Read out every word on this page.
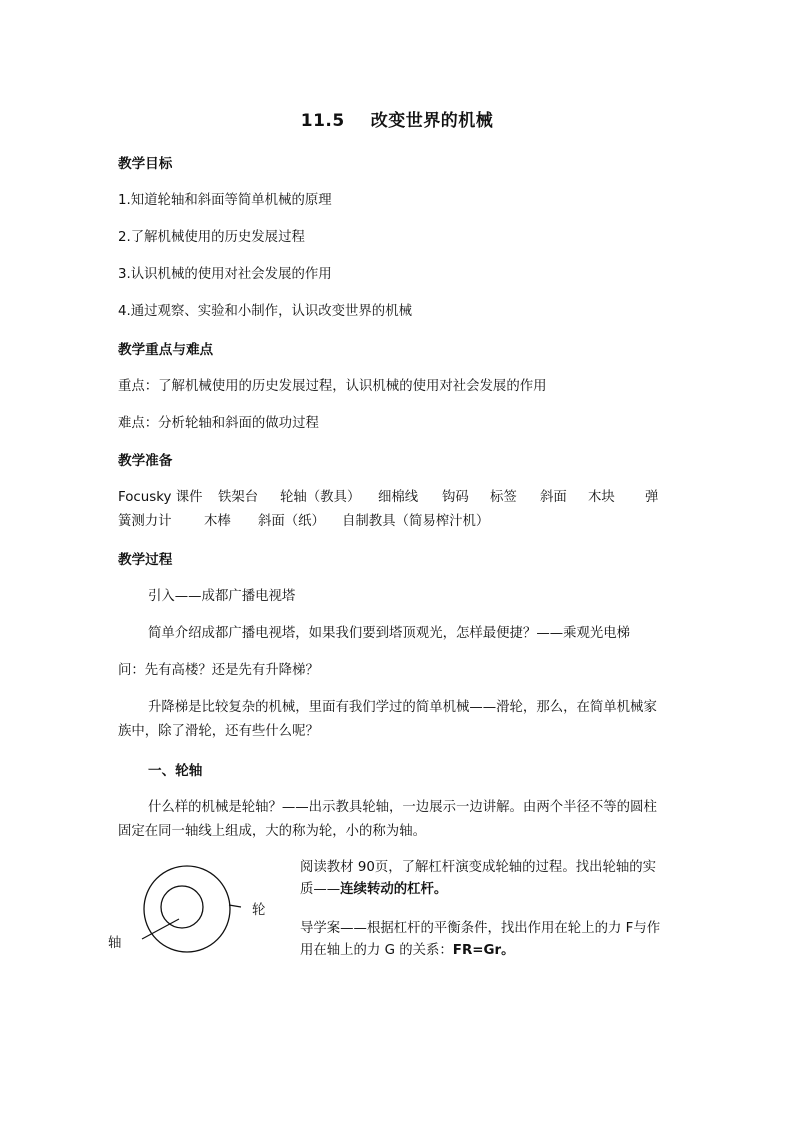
11.5 改变世界的机械
教学目标
1.知道轮轴和斜面等简单机械的原理
2.了解机械使用的历史发展过程
3.认识机械的使用对社会发展的作用
4.通过观察、实验和小制作，认识改变世界的机械
教学重点与难点
重点：了解机械使用的历史发展过程，认识机械的使用对社会发展的作用
难点：分析轮轴和斜面的做功过程
教学准备
Focusky 课件 铁架台 轮轴（教具） 细棉线 钩码 标签 斜面 木块 弹
簧测力计 木棒 斜面（纸） 自制教具（简易榨汁机）
教学过程
引入——成都广播电视塔
简单介绍成都广播电视塔，如果我们要到塔顶观光，怎样最便捷？——乘观光电梯
问：先有高楼？还是先有升降梯？
升降梯是比较复杂的机械，里面有我们学过的简单机械——滑轮，那么，在简单机械家族中，除了滑轮，还有些什么呢？
一、轮轴
什么样的机械是轮轴？——出示教具轮轴，一边展示一边讲解。由两个半径不等的圆柱固定在同一轴线上组成，大的称为轮，小的称为轴。
阅读教材 90页，了解杠杆演变成轮轴的过程。找出轮轴的实质——连续转动的杠杆。
导学案——根据杠杆的平衡条件，找出作用在轮上的力 F与作用在轴上的力 G 的关系：FR=Gr。
轮
轴
